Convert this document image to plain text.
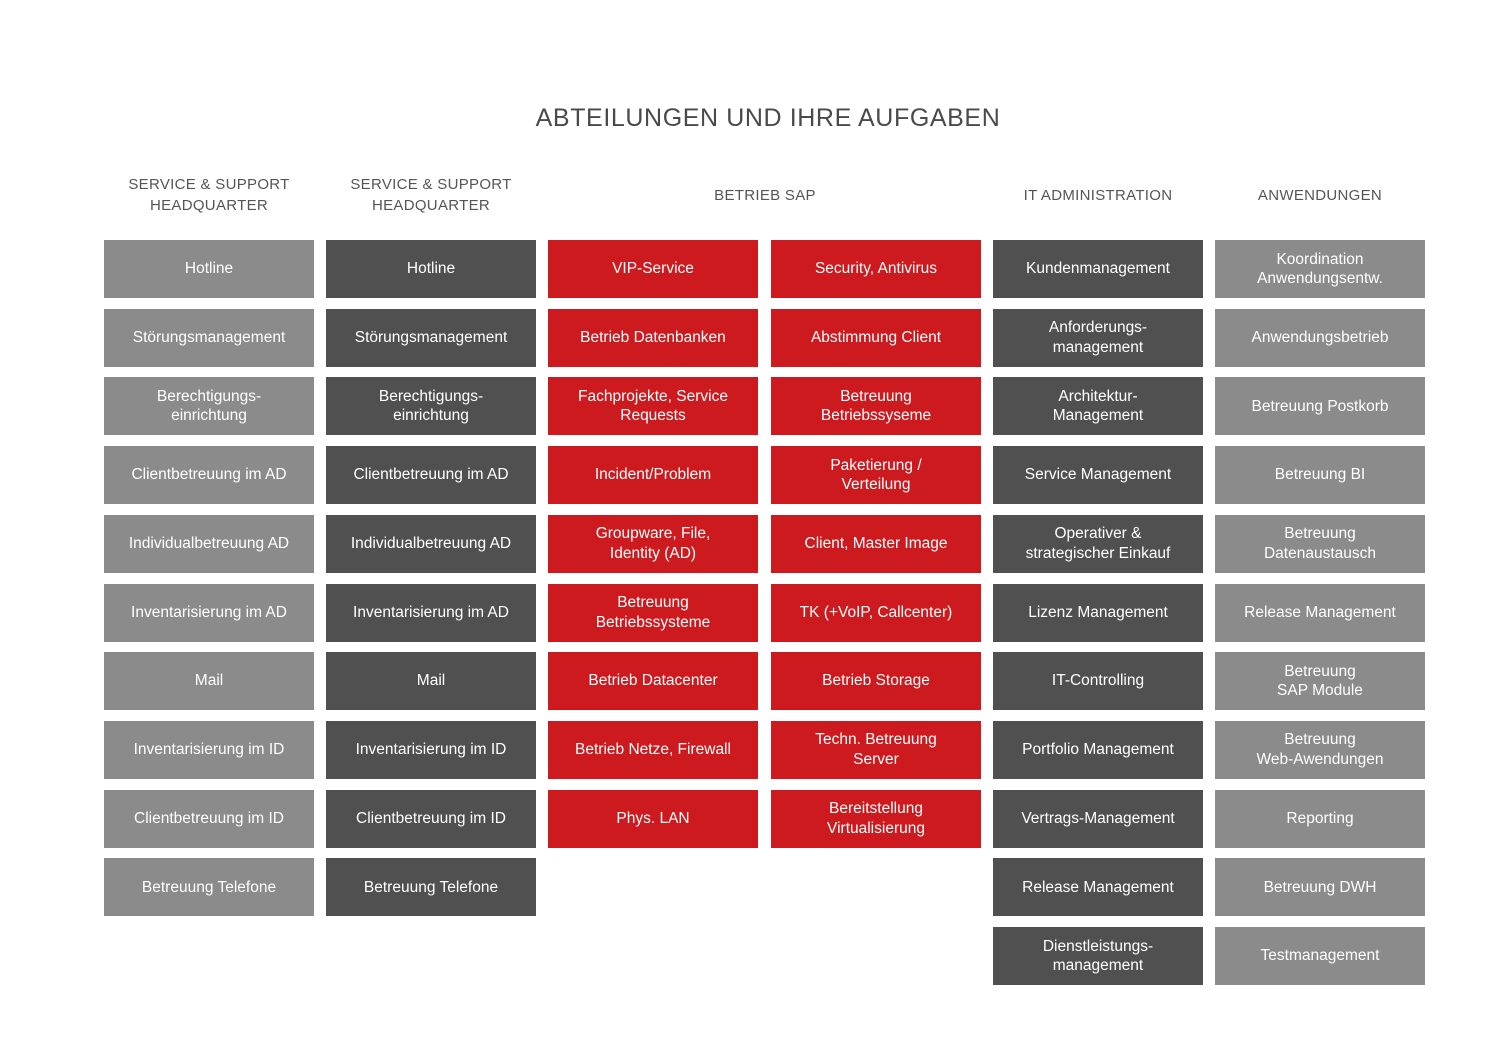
ABTEILUNGEN UND IHRE AUFGABEN
SERVICE & SUPPORT
HEADQUARTER
SERVICE & SUPPORT
HEADQUARTER
BETRIEB SAP	IT ADMINISTRATION	ANWENDUNGEN
Hotline
Störungsmanagement
Berechtigungs-
einrichtung
Clientbetreuung im AD
Individualbetreuung AD
Inventarisierung im AD
Mail
Inventarisierung im ID
Clientbetreuung im ID
Betreuung Telefone
Hotline
Störungsmanagement
Berechtigungs-
einrichtung
Clientbetreuung im AD
Individualbetreuung AD
Inventarisierung im AD
Mail
Inventarisierung im ID
Clientbetreuung im ID
Betreuung Telefone
VIP-Service
Betrieb Datenbanken
Fachprojekte, Service
Requests
Incident/Problem
Groupware, File,
Identity (AD)
Betreuung
Betriebssysteme
Betrieb Datacenter
Betrieb Netze, Firewall
Phys. LAN
Security, Antivirus
Abstimmung Client
Betreuung
Betriebssyseme
Paketierung /
Verteilung
Client, Master Image
TK (+VoIP, Callcenter)
Betrieb Storage
Techn. Betreuung
Server
Bereitstellung
Virtualisierung
Kundenmanagement
Anforderungs-
management
Architektur-
Management
Service Management
Operativer &
strategischer Einkauf
Lizenz Management
IT-Controlling
Portfolio Management
Vertrags-Management
Release Management
Dienstleistungs-
management
Koordination
Anwendungsentw.
Anwendungsbetrieb
Betreuung Postkorb
Betreuung BI
Betreuung
Datenaustausch
Release Management
Betreuung
SAP Module
Betreuung
Web-Awendungen
Reporting
Betreuung DWH
Testmanagement
